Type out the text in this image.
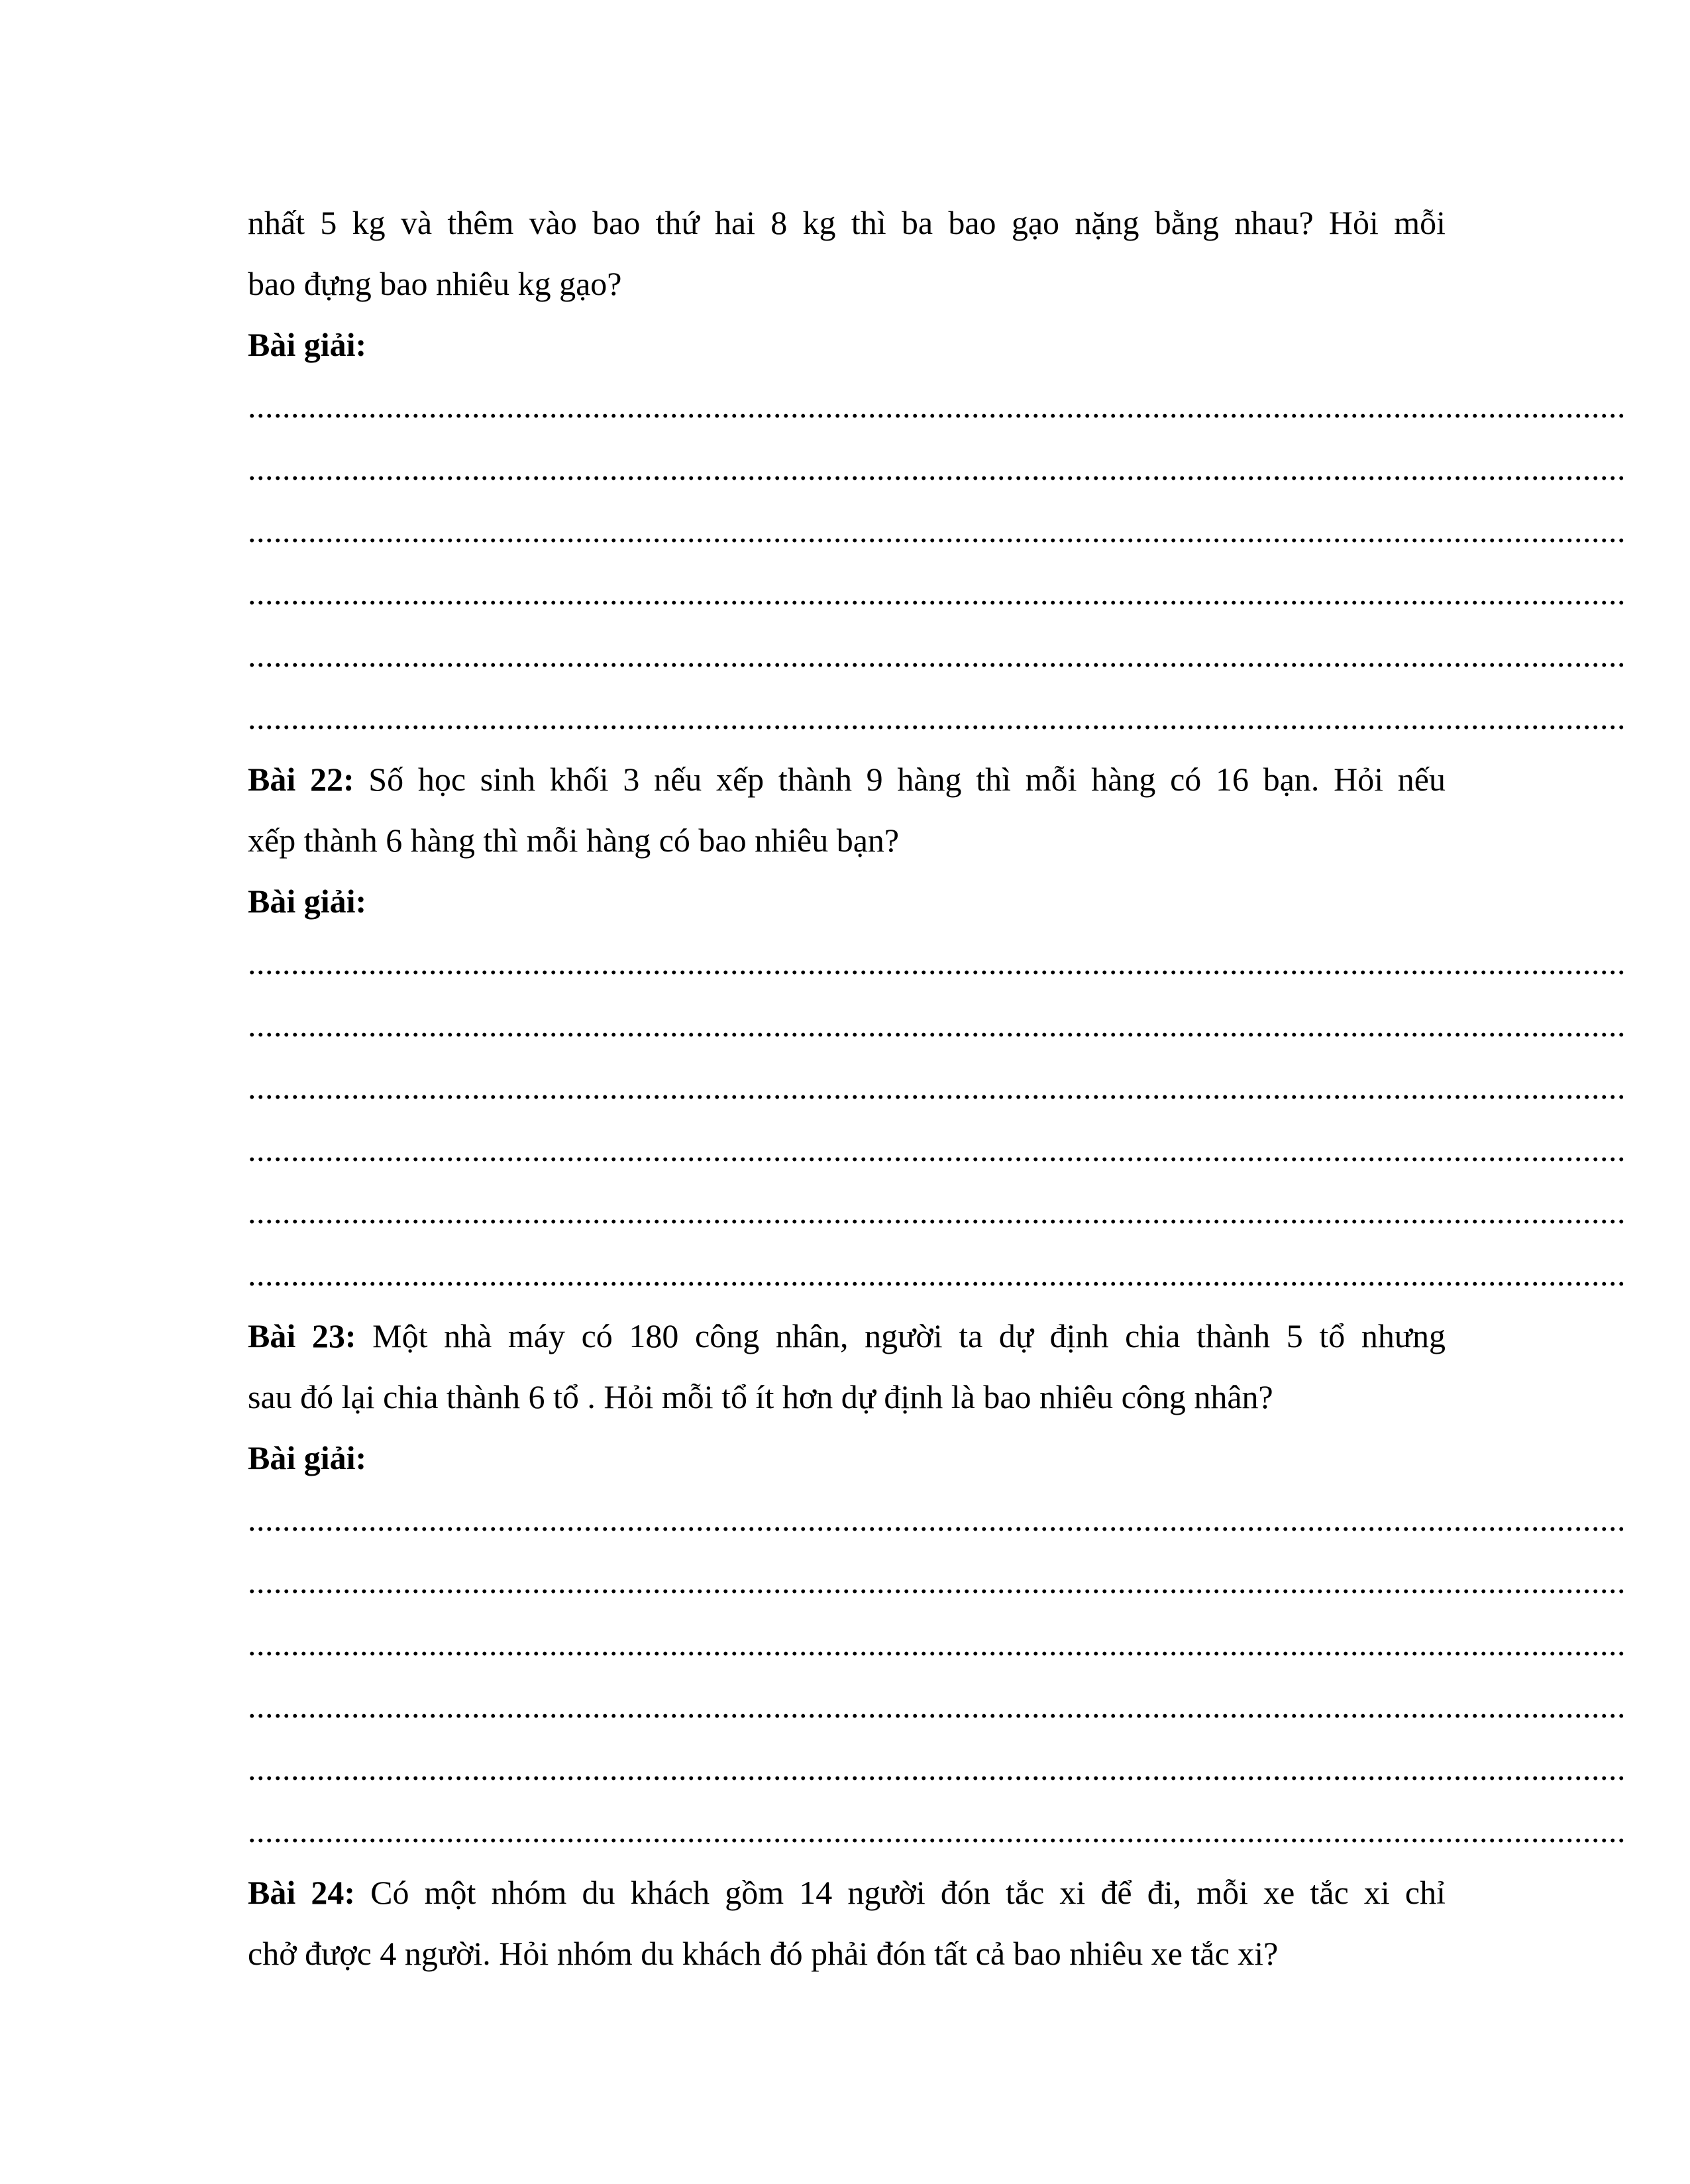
nhất 5 kg và thêm vào bao thứ hai 8 kg thì ba bao gạo nặng bằng nhau? Hỏi mỗi
bao đựng bao nhiêu kg gạo?
Bài giải:
................................................................................................................................................................
................................................................................................................................................................
................................................................................................................................................................
................................................................................................................................................................
................................................................................................................................................................
................................................................................................................................................................
Bài 22: Số học sinh khối 3 nếu xếp thành 9 hàng thì mỗi hàng có 16 bạn. Hỏi nếu
xếp thành 6 hàng thì mỗi hàng có bao nhiêu bạn?
Bài giải:
................................................................................................................................................................
................................................................................................................................................................
................................................................................................................................................................
................................................................................................................................................................
................................................................................................................................................................
................................................................................................................................................................
Bài 23: Một nhà máy có 180 công nhân, người ta dự định chia thành 5 tổ nhưng
sau đó lại chia thành 6 tổ . Hỏi mỗi tổ ít hơn dự định là bao nhiêu công nhân?
Bài giải:
................................................................................................................................................................
................................................................................................................................................................
................................................................................................................................................................
................................................................................................................................................................
................................................................................................................................................................
................................................................................................................................................................
Bài 24: Có một nhóm du khách gồm 14 người đón tắc xi để đi, mỗi xe tắc xi chỉ
chở được 4 người. Hỏi nhóm du khách đó phải đón tất cả bao nhiêu xe tắc xi?
